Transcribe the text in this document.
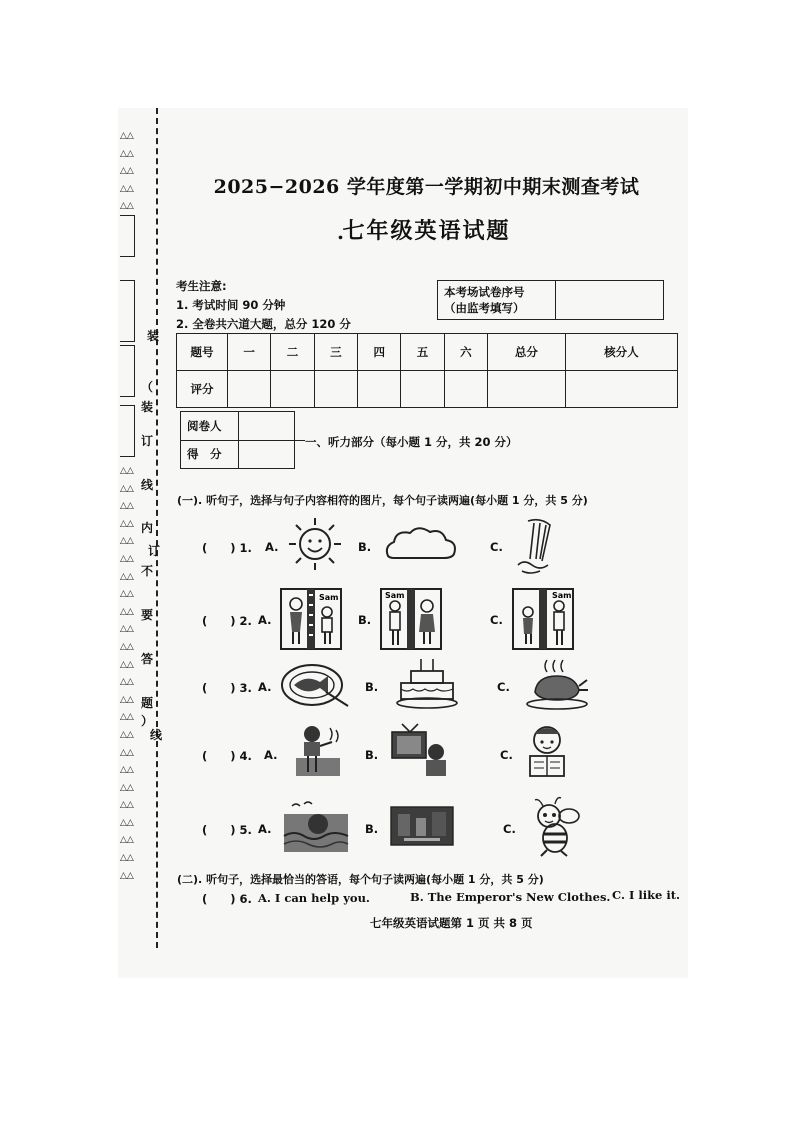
△△
△△
△△
△△
△△
△△
△△
△△
△△
△△
△△
△△
△△
△△
△△
△△
△△
△△
△△
△△
△△
△△
△△
△△
△△
△△
△△
△△
△△
装
（
装
订
线
内
订
不
要
答
题
）
线
2025−2026 学年度第一学期初中期末测查考试
.
七年级英语试题
考生注意:
1. 考试时间 90 分钟
2. 全卷共六道大题，总分 120 分
本考场试卷序号
（由监考填写）

题号	一	二	三	四	五	六	总分	核分人
评分								
阅卷人	
得　分	
一、听力部分（每小题 1 分，共 20 分）
(一). 听句子，选择与句子内容相符的图片，每个句子读两遍(每小题 1 分，共 5 分)
(　　) 1. A.	B.	C.
(　　) 2. A.
Sam
B.
Sam
C.
Sam
(　　) 3. A.	B.	C.
(　　) 4. A.	B.	C.
(　　) 5. A.	B.	C.
(二). 听句子，选择最恰当的答语，每个句子读两遍(每小题 1 分，共 5 分)
(　　) 6. A. I can help you.	B. The Emperor's New Clothes. C. I like it.
七年级英语试题第 1 页 共 8 页
